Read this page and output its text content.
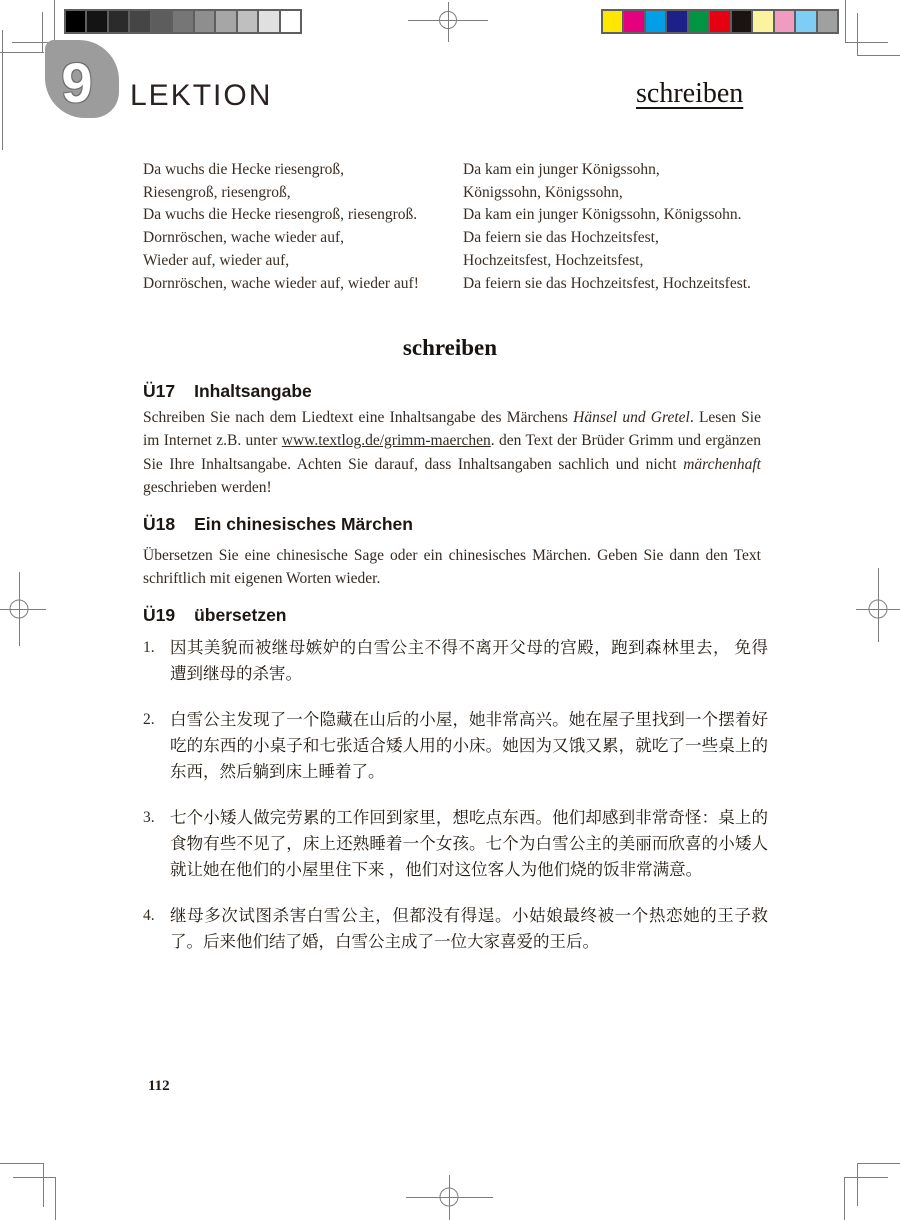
9	LEKTION	schreiben
Da wuchs die Hecke riesengroß,
Riesengroß, riesengroß,
Da wuchs die Hecke riesengroß, riesengroß.
Dornröschen, wache wieder auf,
Wieder auf, wieder auf,
Dornröschen, wache wieder auf, wieder auf!
Da kam ein junger Königssohn,
Königssohn, Königssohn,
Da kam ein junger Königssohn, Königssohn.
Da feiern sie das Hochzeitsfest,
Hochzeitsfest, Hochzeitsfest,
Da feiern sie das Hochzeitsfest, Hochzeitsfest.
schreiben
Ü17 Inhaltsangabe
Schreiben Sie nach dem Liedtext eine Inhaltsangabe des Märchens Hänsel und Gretel. Lesen Sie im Internet z.B. unter www.textlog.de/grimm-maerchen. den Text der Brüder Grimm und ergänzen Sie Ihre Inhaltsangabe. Achten Sie darauf, dass Inhaltsangaben sachlich und nicht märchenhaft geschrieben werden!
Ü18 Ein chinesisches Märchen
Übersetzen Sie eine chinesische Sage oder ein chinesisches Märchen. Geben Sie dann den Text schriftlich mit eigenen Worten wieder.
Ü19 übersetzen
1. 因其美貌而被继母嫉妒的白雪公主不得不离开父母的宫殿，跑到森林里去， 免得遭到继母的杀害。
2. 白雪公主发现了一个隐藏在山后的小屋，她非常高兴。她在屋子里找到一个摆着好吃的东西的小桌子和七张适合矮人用的小床。她因为又饿又累，就吃了一些桌上的东西，然后躺到床上睡着了。
3. 七个小矮人做完劳累的工作回到家里，想吃点东西。他们却感到非常奇怪：桌上的食物有些不见了，床上还熟睡着一个女孩。七个为白雪公主的美丽而欣喜的小矮人就让她在他们的小屋里住下来 ，他们对这位客人为他们烧的饭非常满意。
4. 继母多次试图杀害白雪公主，但都没有得逞。小姑娘最终被一个热恋她的王子救了。后来他们结了婚，白雪公主成了一位大家喜爱的王后。
112
